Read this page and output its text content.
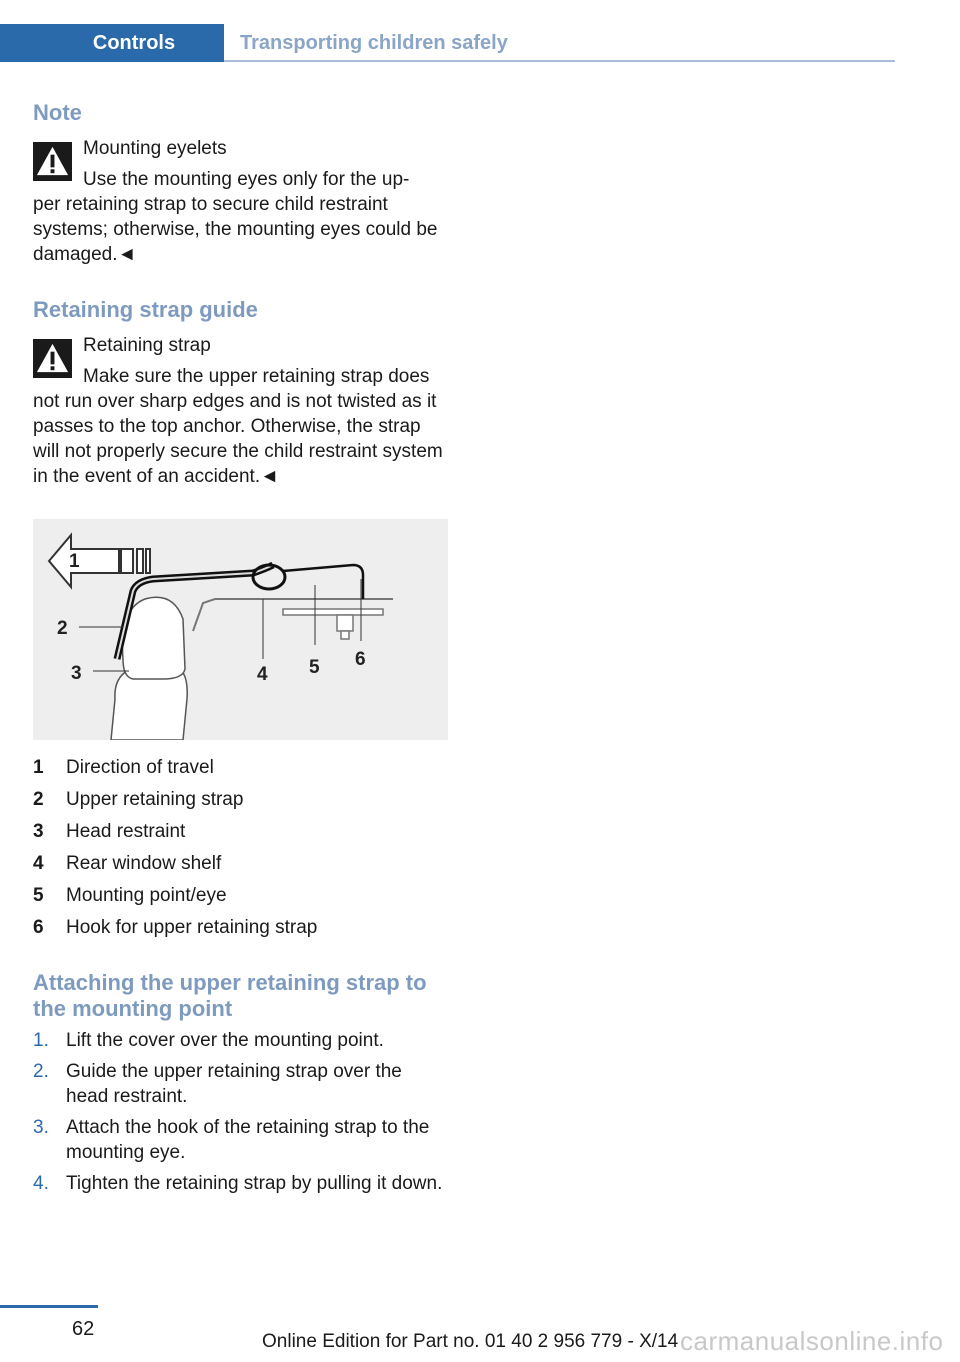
Controls	Transporting children safely
Note
Mounting eyelets
Use the mounting eyes only for the up-
per retaining strap to secure child restraint systems; otherwise, the mounting eyes could be damaged.◄
Retaining strap guide
Retaining strap
Make sure the upper retaining strap does
not run over sharp edges and is not twisted as it passes to the top anchor. Otherwise, the strap will not properly secure the child restraint system in the event of an accident.◄
1
2
3	4 5 6
1	Direction of travel
2	Upper retaining strap
3	Head restraint
4	Rear window shelf
5	Mounting point/eye
6	Hook for upper retaining strap
Attaching the upper retaining strap to the mounting point
1. Lift the cover over the mounting point.
2. Guide the upper retaining strap over the head restraint.
3. Attach the hook of the retaining strap to the mounting eye.
4. Tighten the retaining strap by pulling it down.
62
Online Edition for Part no. 01 40 2 956 779 - X/14 carmanualsonline.info
